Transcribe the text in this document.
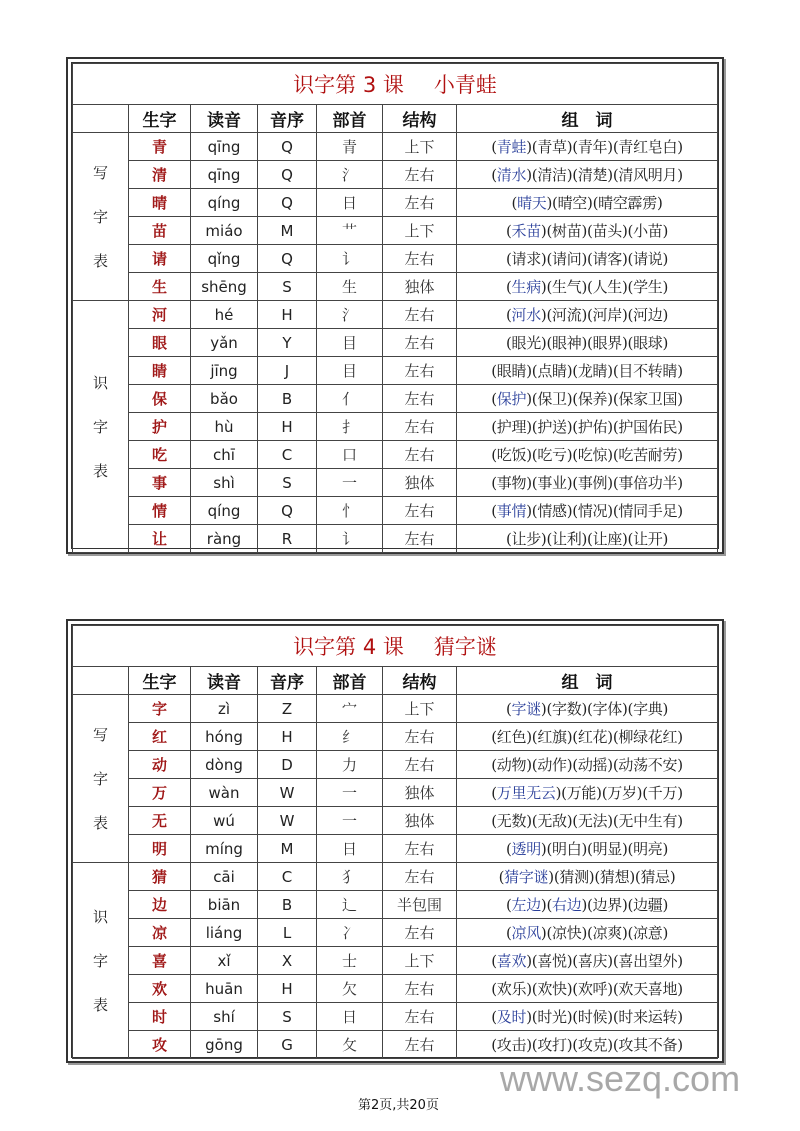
识字第 3 课 小青蛙						
	生字	读音	音序	部首	结构	组　词

写
字
表	青	qīng	Q	青	上下	(青蛙)(青草)(青年)(青红皂白)
	清	qīng	Q	氵	左右	(清水)(清洁)(清楚)(清风明月)
	晴	qíng	Q	日	左右	(晴天)(晴空)(晴空霹雳)
	苗	miáo	M	艹	上下	(禾苗)(树苗)(苗头)(小苗)
	请	qǐng	Q	讠	左右	(请求)(请问)(请客)(请说)
	生	shēng	S	生	独体	(生病)(生气)(人生)(学生)

识
字
表	河	hé	H	氵	左右	(河水)(河流)(河岸)(河边)
	眼	yǎn	Y	目	左右	(眼光)(眼神)(眼界)(眼球)
	睛	jīng	J	目	左右	(眼睛)(点睛)(龙睛)(目不转睛)
	保	bǎo	B	亻	左右	(保护)(保卫)(保养)(保家卫国)
	护	hù	H	扌	左右	(护理)(护送)(护佑)(护国佑民)
	吃	chī	C	口	左右	(吃饭)(吃亏)(吃惊)(吃苦耐劳)
	事	shì	S	一	独体	(事物)(事业)(事例)(事倍功半)
	情	qíng	Q	忄	左右	(事情)(情感)(情况)(情同手足)
	让	ràng	R	讠	左右	(让步)(让利)(让座)(让开)
识字第 4 课 猜字谜						
	生字	读音	音序	部首	结构	组　词

写
字
表	字	zì	Z	宀	上下	(字谜)(字数)(字体)(字典)
	红	hóng	H	纟	左右	(红色)(红旗)(红花)(柳绿花红)
	动	dòng	D	力	左右	(动物)(动作)(动摇)(动荡不安)
	万	wàn	W	一	独体	(万里无云)(万能)(万岁)(千万)
	无	wú	W	一	独体	(无数)(无敌)(无法)(无中生有)
	明	míng	M	日	左右	(透明)(明白)(明显)(明亮)

识
字
表	猜	cāi	C	犭	左右	(猜字谜)(猜测)(猜想)(猜忌)
	边	biān	B	辶	半包围	(左边)(右边)(边界)(边疆)
	凉	liáng	L	冫	左右	(凉风)(凉快)(凉爽)(凉意)
	喜	xǐ	X	士	上下	(喜欢)(喜悦)(喜庆)(喜出望外)
	欢	huān	H	欠	左右	(欢乐)(欢快)(欢呼)(欢天喜地)
	时	shí	S	日	左右	(及时)(时光)(时候)(时来运转)
	攻	gōng	G	攵	左右	(攻击)(攻打)(攻克)(攻其不备)
第2页,共20页
www.sezq.com
